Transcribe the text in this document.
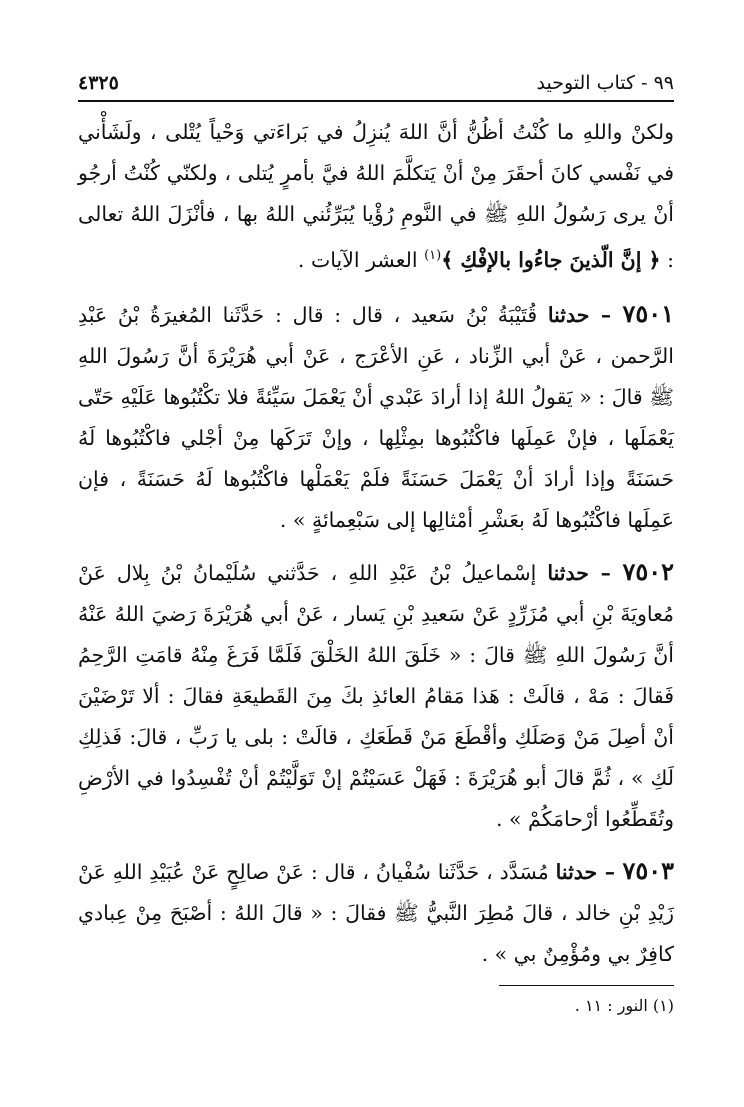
٩٩ - كتاب التوحيد
٤٣٢٥

ولكنْ واللهِ ما كُنْتُ أظُنُّ أنَّ اللهَ يُنزِلُ في بَراءَتي وَحْياً يُتْلى ، ولَشَأْني في نَفْسي كانَ أحقَرَ مِنْ أنْ يَتكلَّمَ اللهُ فيَّ بأمرٍ يُتلى ، ولكنّي كُنْتُ أرجُو أنْ يرى رَسُولُ اللهِ ﷺ في النَّومِ رُؤْيا يُبَرِّئُني اللهُ بها ، فأنْزَلَ اللهُ تعالى : ﴿ إنَّ الّذينَ جاءُوا بالإفْكِ ﴾$^{(١)}$ العشر الآيات .

٧٥٠١ – حدثنا قُتَيْبَةُ بْنُ سَعيد ، قال : قال : حَدَّثَنا المُغيرَةُ بْنُ عَبْدِ الرَّحمن ، عَنْ أبي الزِّناد ، عَنِ الأعْرَج ، عَنْ أبي هُرَيْرَةَ أنَّ رَسُولَ اللهِ ﷺ قالَ : « يَقولُ اللهُ إذا أرادَ عَبْدي أنْ يَعْمَلَ سَيِّئةً فلا تكْتُبُوها عَلَيْهِ حَتّى يَعْمَلَها ، فإنْ عَمِلَها فاكْتُبُوها بمِثْلِها ، وإنْ تَرَكَها مِنْ أجْلي فاكْتُبُوها لَهُ حَسَنَةً وإذا أرادَ أنْ يَعْمَلَ حَسَنَةً فلَمْ يَعْمَلْها فاكْتُبُوها لَهُ حَسَنَةً ، فإن عَمِلَها فاكْتُبُوها لَهُ بعَشْرِ أمْثالِها إلى سَبْعِمائةٍ » .

٧٥٠٢ – حدثنا إسْماعيلُ بْنُ عَبْدِ اللهِ ، حَدَّثني سُلَيْمانُ بْنُ بِلال عَنْ مُعاويَةَ بْنِ أبي مُزَرِّدٍ عَنْ سَعيدِ بْنِ يَسار ، عَنْ أبي هُرَيْرَةَ رَضيَ اللهُ عَنْهُ أنَّ رَسُولَ اللهِ ﷺ قالَ : « خَلَقَ اللهُ الخَلْقَ فَلَمَّا فَرَغَ مِنْهُ قامَتِ الرَّحِمُ فَقالَ : مَهْ ، قالَتْ : هَذا مَقامُ العائذِ بكَ مِنَ القَطيعَةِ فقالَ : ألا تَرْضَيْنَ أنْ أصِلَ مَنْ وَصَلَكِ وأقْطَعَ مَنْ قَطَعَكِ ، قالَتْ : بلى يا رَبِّ ، قالَ: فَذلِكِ لَكِ » ، ثُمَّ قالَ أبو هُرَيْرَةَ : فَهَلْ عَسَيْتُمْ إنْ تَوَلَّيْتُمْ أنْ تُفْسِدُوا في الأرْضِ وتُقَطِّعُوا أرْحامَكُمْ » .

٧٥٠٣ – حدثنا مُسَدَّد ، حَدَّثَنا سُفْيانُ ، قال : عَنْ صالِحٍ عَنْ عُبَيْدِ اللهِ عَنْ زَيْدِ بْنِ خالد ، قالَ مُطِرَ النَّبيُّ ﷺ فقالَ : « قالَ اللهُ : أصْبَحَ مِنْ عِبادي كافِرٌ بي ومُؤْمِنٌ بي » .

(١) النور : ١١ .
